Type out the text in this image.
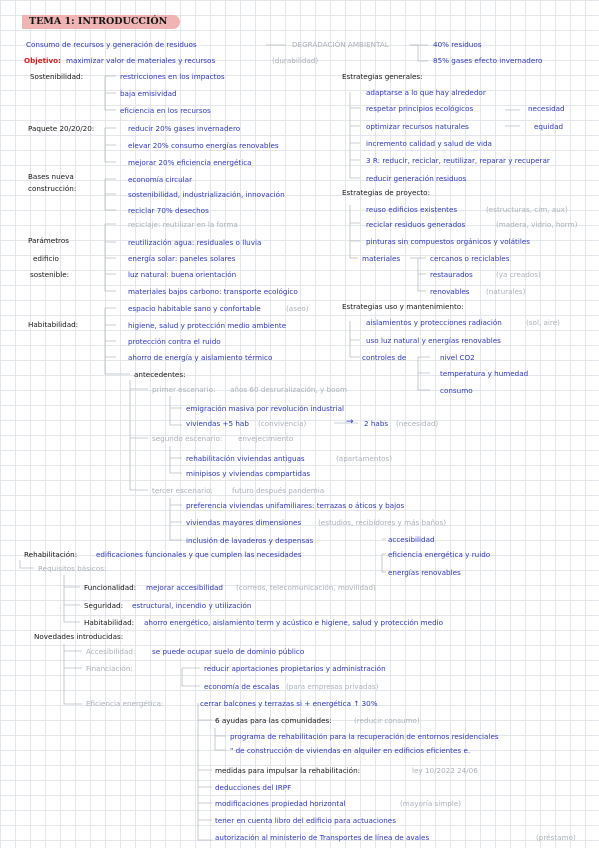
TEMA 1: INTRODUCCIÓN
Consumo de recursos y generación de residuos	DEGRADACIÓN AMBIENTAL	40% residuos
Objetivo: maximizar valor de materiales y recursos	(durabilidad)	85% gases efecto invernadero
Sostenibilidad:	restricciones en los impactos
baja emisividad
eficiencia en los recursos
Paquete 20/20/20:	reducir 20% gases invernadero
elevar 20% consumo energías renovables
mejorar 20% eficiencia energética
Bases nueva
construcción:
economía circular
sostenibilidad, industrialización, innovación
reciclar 70% desechos
Parámetros
edificio
sostenible:
reciclaje: reutilizar en la forma
reutilización agua: residuales o lluvia
energía solar: paneles solares
luz natural: buena orientación
materiales bajos carbono: transporte ecológico
Habitabilidad:
espacio habitable sano y confortable	(aseo)
higiene, salud y protección medio ambiente
protección contra el ruido
ahorro de energía y aislamiento térmico
antecedentes:
primer escenario: años 60 desruralización, y boom
emigración masiva por revolución industrial
viviendas +5 hab (convivencia)	2 habs (necesidad)
segundo escenario: envejecimiento
rehabilitación viviendas antiguas	(apartamentos)
minipisos y viviendas compartidas
tercer escenario:	futuro después pandemia
preferencia viviendas unifamiliares: terrazas o áticos y bajos
viviendas mayores dimensiones (estudios, recibidores y más baños)
inclusión de lavaderos y despensas
Rehabilitación:	edificaciones funcionales y que cumplen las necesidades
accesibilidad
eficiencia energética y ruido
energías renovables
Requisitos básicos:
Funcionalidad: mejorar accesibilidad (correos, telecomunicación, movilidad)
Seguridad: estructural, incendio y utilización
Habitabilidad: ahorro energético, aislamiento term y acústico e higiene, salud y protección medio
Novedades introducidas:
Accesibilidad: se puede ocupar suelo de dominio público
Financiación:	reducir aportaciones propietarios y administración
economía de escalas (para empresas privadas)
Eficiencia energética:	cerrar balcones y terrazas si + energética ↑ 30%
6 ayudas para las comunidades:	(reducir consumo)
programa de rehabilitación para la recuperación de entornos residenciales
" de construcción de viviendas en alquiler en edificios eficientes e.
medidas para impulsar la rehabilitación:	ley 10/2022 24/06
deducciones del IRPF
modificaciones propiedad horizontal	(mayoría simple)
tener en cuenta libro del edificio para actuaciones
autorización al ministerio de Transportes de línea de avales	(préstamo)
Estrategias generales:
adaptarse a lo que hay alrededor
respetar principios ecológicos	necesidad
optimizar recursos naturales	equidad
incremento calidad y salud de vida
3 R: reducir, reciclar, reutilizar, reparar y recuperar
reducir generación residuos
Estrategias de proyecto:
reuso edificios existentes	(estructuras, cim, aux)
reciclar residuos generados	(madera, vidrio, horm)
pinturas sin compuestos orgánicos y volátiles
materiales	cercanos o reciclables
restaurados	(ya creados)
renovables (naturales)
Estrategias uso y mantenimiento:
aislamientos y protecciones radiación	(sol, aire)
uso luz natural y energías renovables
controles de	nivel CO2
temperatura y humedad
consumo
→
